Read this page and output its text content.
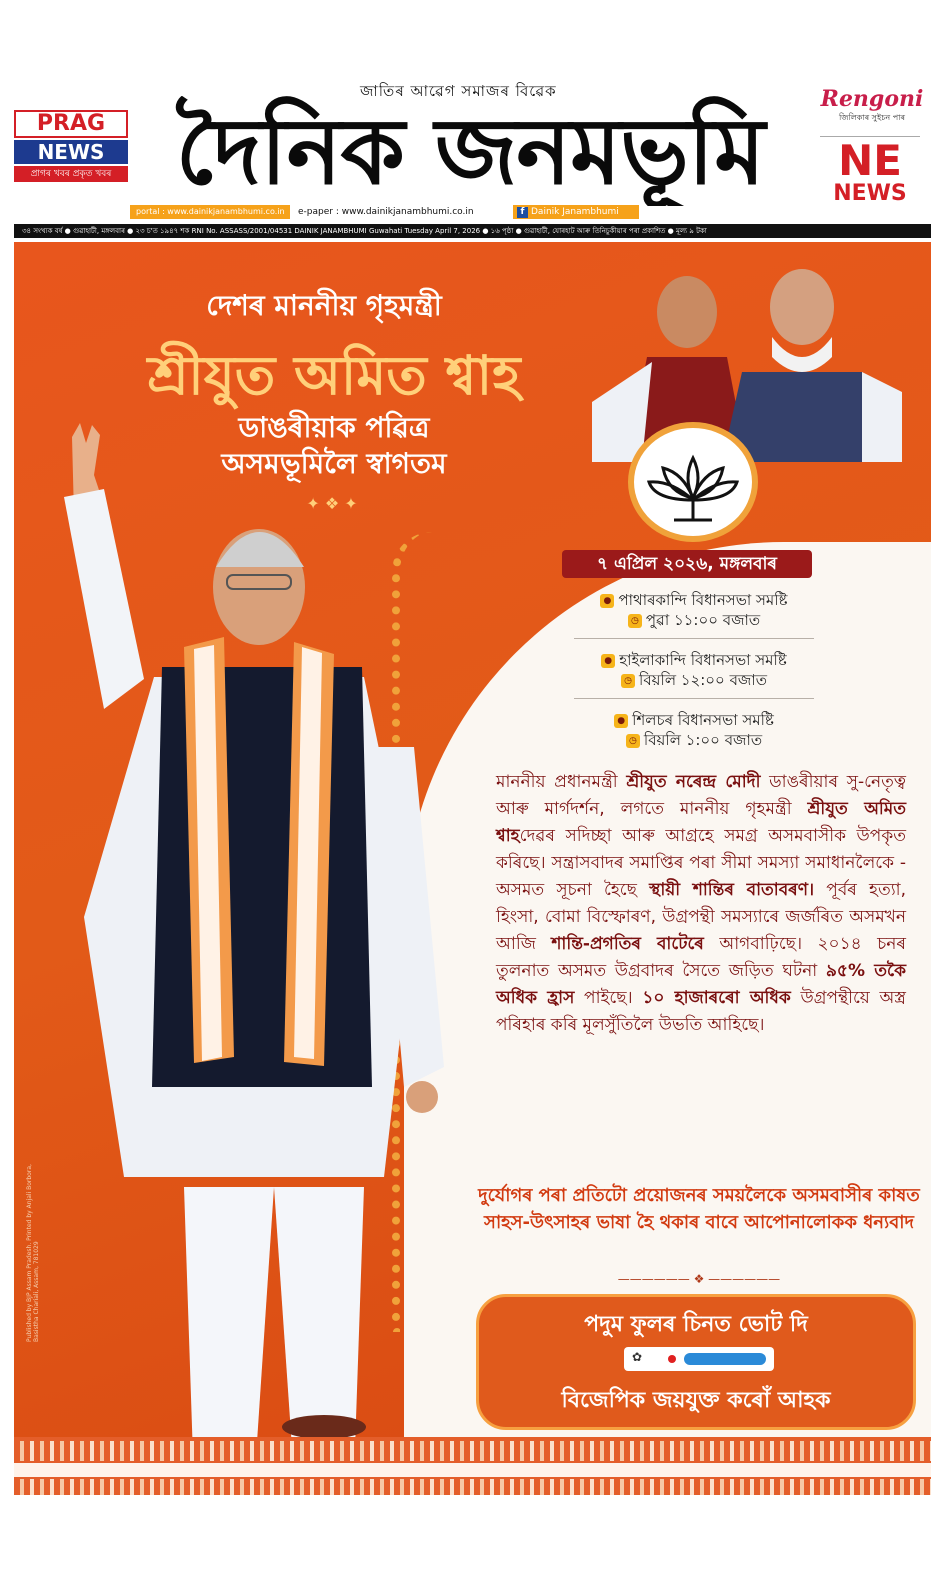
PRAG
NEWS
প্ৰাগৰ খবৰ প্ৰকৃত খবৰ
জাতিৰ আৱেগ সমাজৰ বিৱেক
দৈনিক জনমভূমি	Rengoni
জিলিকাৰ সুইচন পাৰ
NE
NEWS
portal : www.dainikjanambhumi.co.in	e-paper : www.dainikjanambhumi.co.in	f Dainik Janambhumi
৩৪ সংখ্যক বৰ্ষ ● গুৱাহাটী, মঙ্গলবাৰ ● ২৩ চ'ত ১৯৪৭ শক RNI No. ASSASS/2001/04531 DAINIK JANAMBHUMI Guwahati Tuesday April 7, 2026 ● ১৬ পৃষ্ঠা ● গুৱাহাটী, যোৰহাট আৰু তিনিচুকীয়াৰ পৰা প্ৰকাশিত ● মূল্য ৯ টকা
দেশৰ মাননীয় গৃহমন্ত্ৰী
শ্ৰীযুত অমিত শ্বাহ
ডাঙৰীয়াক পৱিত্ৰ
অসমভূমিলৈ স্বাগতম
✦ ❖ ✦
৭ এপ্ৰিল ২০২৬, মঙ্গলবাৰ
● পাথাৰকান্দি বিধানসভা সমষ্টি
◷ পুৱা ১১:০০ বজাত
● হাইলাকান্দি বিধানসভা সমষ্টি
◷ বিয়লি ১২:০০ বজাত
● শিলচৰ বিধানসভা সমষ্টি
◷ বিয়লি ১:০০ বজাত
মাননীয় প্ৰধানমন্ত্ৰী শ্ৰীযুত নৰেন্দ্ৰ মোদী ডাঙৰীয়াৰ সু-নেতৃত্ব আৰু মাৰ্গদৰ্শন, লগতে মাননীয় গৃহমন্ত্ৰী শ্ৰীযুত অমিত শ্বাহদেৱৰ সদিচ্ছা আৰু আগ্ৰহে সমগ্ৰ অসমবাসীক উপকৃত কৰিছে। সন্ত্ৰাসবাদৰ সমাপ্তিৰ পৰা সীমা সমস্যা সমাধানলৈকে - অসমত সূচনা হৈছে স্থায়ী শান্তিৰ বাতাবৰণ। পূৰ্বৰ হত্যা, হিংসা, বোমা বিস্ফোৰণ, উগ্ৰপন্থী সমস্যাৰে জৰ্জৰিত অসমখন আজি শান্তি-প্ৰগতিৰ বাটেৰে আগবাঢ়িছে। ২০১৪ চনৰ তুলনাত অসমত উগ্ৰবাদৰ সৈতে জড়িত ঘটনা ৯৫% তকৈ অধিক হ্ৰাস পাইছে। ১০ হাজাৰৰো অধিক উগ্ৰপন্থীয়ে অস্ত্ৰ পৰিহাৰ কৰি মূলসুঁতিলৈ উভতি আহিছে।
দুৰ্যোগৰ পৰা প্ৰতিটো প্ৰয়োজনৰ সময়লৈকে অসমবাসীৰ কাষত সাহস-উৎসাহৰ ভাষা হৈ থকাৰ বাবে আপোনালোকক ধন্যবাদ
—————— ❖ ——————
পদুম ফুলৰ চিনত ভোট দি
✿
বিজেপিক জয়যুক্ত কৰোঁ আহক
Published by BJP Assam Pradesh. Printed by Anjali Borbora, Basistha Chariali, Assam, 781029
